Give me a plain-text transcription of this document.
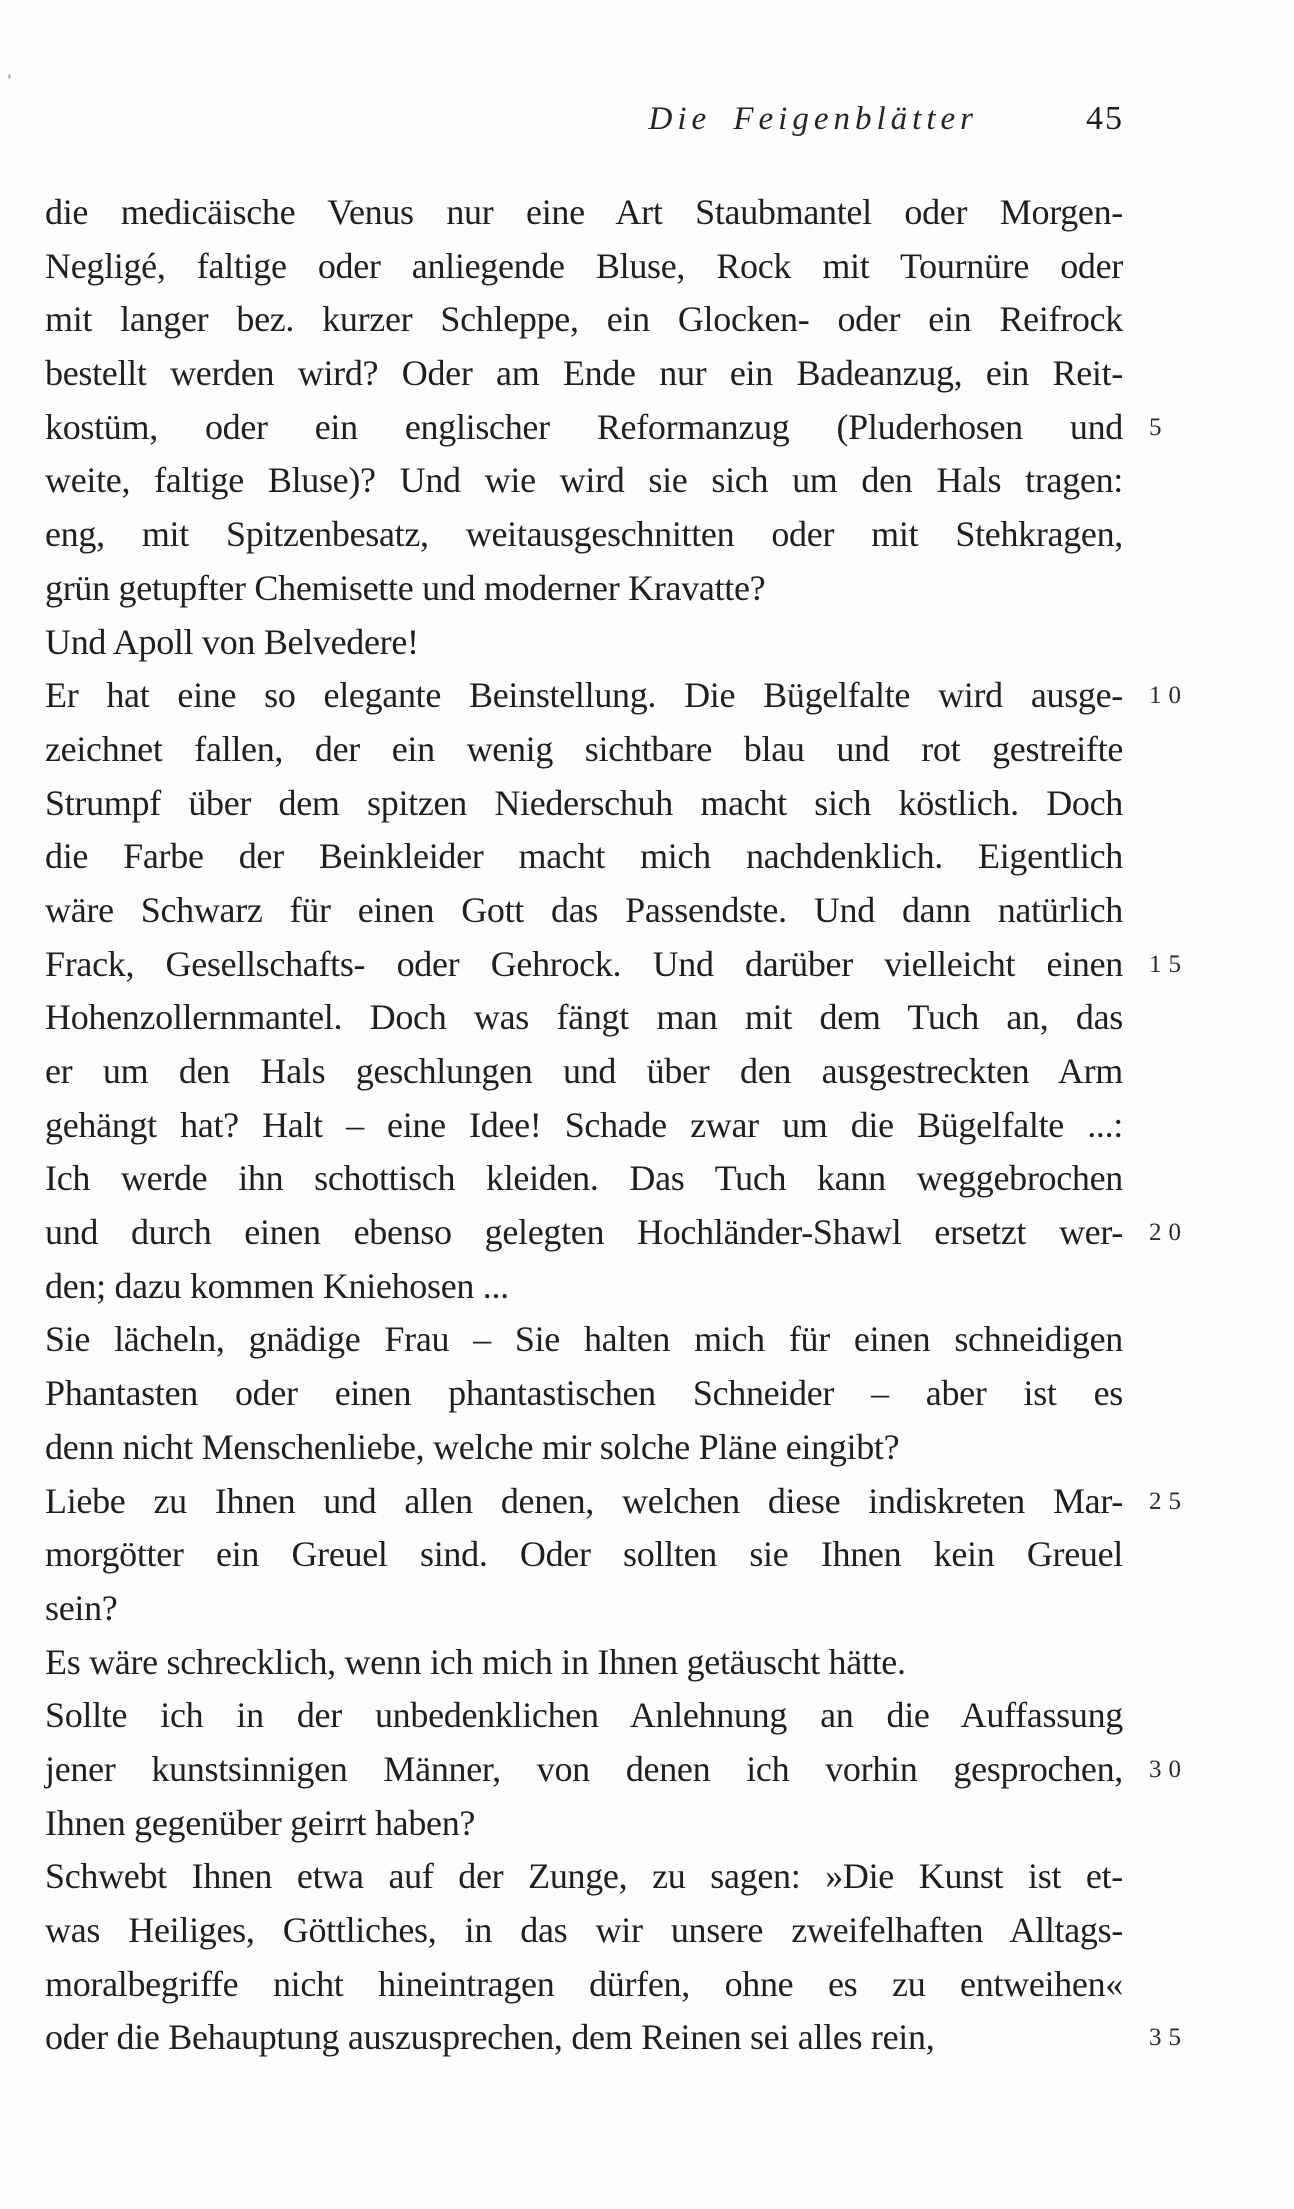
Die Feigenblätter	45
die medicäische Venus nur eine Art Staubmantel oder Morgen-
Negligé, faltige oder anliegende Bluse, Rock mit Tournüre oder
mit langer bez. kurzer Schleppe, ein Glocken- oder ein Reifrock
bestellt werden wird? Oder am Ende nur ein Badeanzug, ein Reit-
kostüm, oder ein englischer Reformanzug (Pluderhosen und 5
weite, faltige Bluse)? Und wie wird sie sich um den Hals tragen:
eng, mit Spitzenbesatz, weitausgeschnitten oder mit Stehkragen,
grün getupfter Chemisette und moderner Kravatte?
Und Apoll von Belvedere!
Er hat eine so elegante Beinstellung. Die Bügelfalte wird ausge- 10
zeichnet fallen, der ein wenig sichtbare blau und rot gestreifte
Strumpf über dem spitzen Niederschuh macht sich köstlich. Doch
die Farbe der Beinkleider macht mich nachdenklich. Eigentlich
wäre Schwarz für einen Gott das Passendste. Und dann natürlich
Frack, Gesellschafts- oder Gehrock. Und darüber vielleicht einen 15
Hohenzollernmantel. Doch was fängt man mit dem Tuch an, das
er um den Hals geschlungen und über den ausgestreckten Arm
gehängt hat? Halt – eine Idee! Schade zwar um die Bügelfalte ...:
Ich werde ihn schottisch kleiden. Das Tuch kann weggebrochen
und durch einen ebenso gelegten Hochländer-Shawl ersetzt wer- 20
den; dazu kommen Kniehosen ...
Sie lächeln, gnädige Frau – Sie halten mich für einen schneidigen
Phantasten oder einen phantastischen Schneider – aber ist es
denn nicht Menschenliebe, welche mir solche Pläne eingibt?
Liebe zu Ihnen und allen denen, welchen diese indiskreten Mar- 25
morgötter ein Greuel sind. Oder sollten sie Ihnen kein Greuel
sein?
Es wäre schrecklich, wenn ich mich in Ihnen getäuscht hätte.
Sollte ich in der unbedenklichen Anlehnung an die Auffassung
jener kunstsinnigen Männer, von denen ich vorhin gesprochen, 30
Ihnen gegenüber geirrt haben?
Schwebt Ihnen etwa auf der Zunge, zu sagen: »Die Kunst ist et-
was Heiliges, Göttliches, in das wir unsere zweifelhaften Alltags-
moralbegriffe nicht hineintragen dürfen, ohne es zu entweihen«
oder die Behauptung auszusprechen, dem Reinen sei alles rein,	35
